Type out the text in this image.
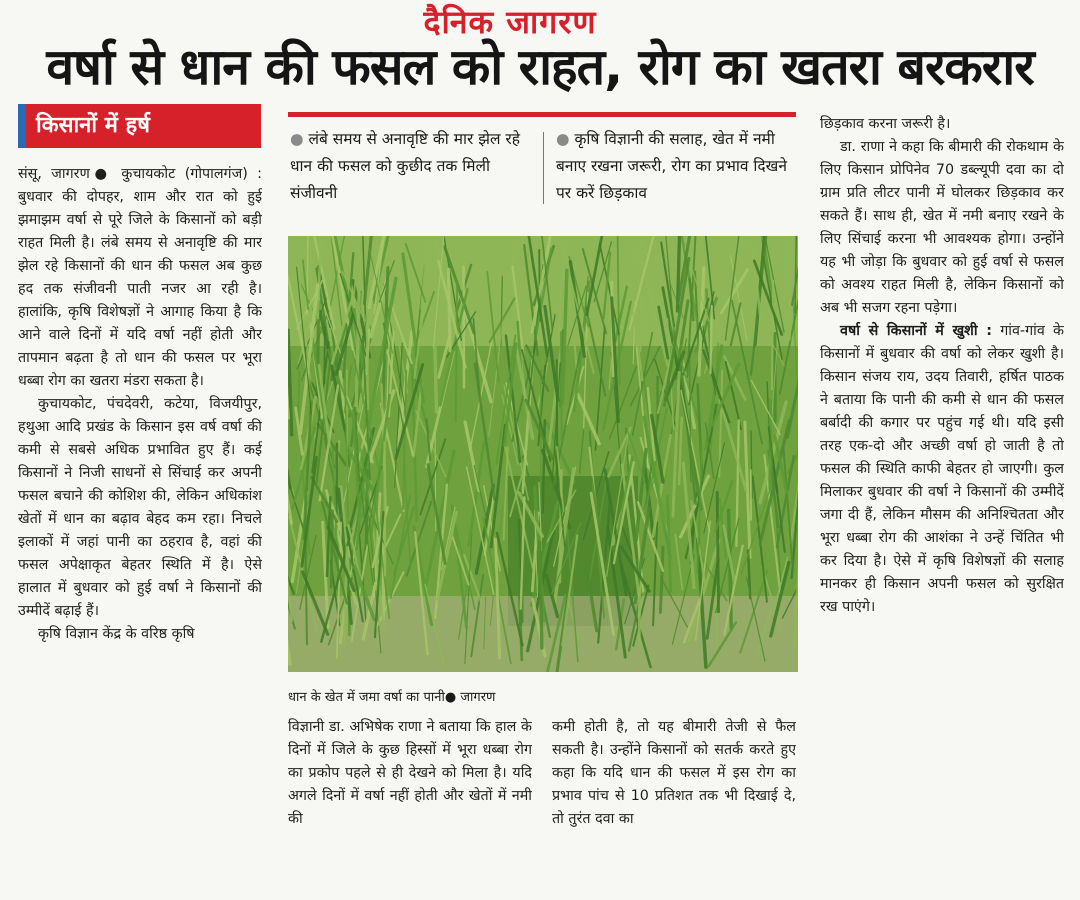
दैनिक जागरण
वर्षा से धान की फसल को राहत, रोग का खतरा बरकरार
किसानों में हर्ष

संसू, जागरण● कुचायकोट (गोपालगंज) : बुधवार की दोपहर, शाम और रात को हुई झमाझम वर्षा से पूरे जिले के किसानों को बड़ी राहत मिली है। लंबे समय से अनावृष्टि की मार झेल रहे किसानों की धान की फसल अब कुछ हद तक संजीवनी पाती नजर आ रही है। हालांकि, कृषि विशेषज्ञों ने आगाह किया है कि आने वाले दिनों में यदि वर्षा नहीं होती और तापमान बढ़ता है तो धान की फसल पर भूरा धब्बा रोग का खतरा मंडरा सकता है।

कुचायकोट, पंचदेवरी, कटेया, विजयीपुर, हथुआ आदि प्रखंड के किसान इस वर्ष वर्षा की कमी से सबसे अधिक प्रभावित हुए हैं। कई किसानों ने निजी साधनों से सिंचाई कर अपनी फसल बचाने की कोशिश की, लेकिन अधिकांश खेतों में धान का बढ़ाव बेहद कम रहा। निचले इलाकों में जहां पानी का ठहराव है, वहां की फसल अपेक्षाकृत बेहतर स्थिति में है। ऐसे हालात में बुधवार को हुई वर्षा ने किसानों की उम्मीदें बढ़ाई हैं।

कृषि विज्ञान केंद्र के वरिष्ठ कृषि

● लंबे समय से अनावृष्टि की मार झेल रहे धान की फसल को कुछीद तक मिली संजीवनी
● कृषि विज्ञानी की सलाह, खेत में नमी बनाए रखना जरूरी, रोग का प्रभाव दिखने पर करें छिड़काव
धान के खेत में जमा वर्षा का पानी● जागरण

विज्ञानी डा. अभिषेक राणा ने बताया कि हाल के दिनों में जिले के कुछ हिस्सों में भूरा धब्बा रोग का प्रकोप पहले से ही देखने को मिला है। यदि अगले दिनों में वर्षा नहीं होती और खेतों में नमी की

कमी होती है, तो यह बीमारी तेजी से फैल सकती है। उन्होंने किसानों को सतर्क करते हुए कहा कि यदि धान की फसल में इस रोग का प्रभाव पांच से 10 प्रतिशत तक भी दिखाई दे, तो तुरंत दवा का

छिड़काव करना जरूरी है।

डा. राणा ने कहा कि बीमारी की रोकथाम के लिए किसान प्रोपिनेव 70 डब्ल्यूपी दवा का दो ग्राम प्रति लीटर पानी में घोलकर छिड़काव कर सकते हैं। साथ ही, खेत में नमी बनाए रखने के लिए सिंचाई करना भी आवश्यक होगा। उन्होंने यह भी जोड़ा कि बुधवार को हुई वर्षा से फसल को अवश्य राहत मिली है, लेकिन किसानों को अब भी सजग रहना पड़ेगा।

वर्षा से किसानों में खुशी : गांव-गांव के किसानों में बुधवार की वर्षा को लेकर खुशी है। किसान संजय राय, उदय तिवारी, हर्षित पाठक ने बताया कि पानी की कमी से धान की फसल बर्बादी की कगार पर पहुंच गई थी। यदि इसी तरह एक-दो और अच्छी वर्षा हो जाती है तो फसल की स्थिति काफी बेहतर हो जाएगी। कुल मिलाकर बुधवार की वर्षा ने किसानों की उम्मीदें जगा दी हैं, लेकिन मौसम की अनिश्चितता और भूरा धब्बा रोग की आशंका ने उन्हें चिंतित भी कर दिया है। ऐसे में कृषि विशेषज्ञों की सलाह मानकर ही किसान अपनी फसल को सुरक्षित रख पाएंगे।
